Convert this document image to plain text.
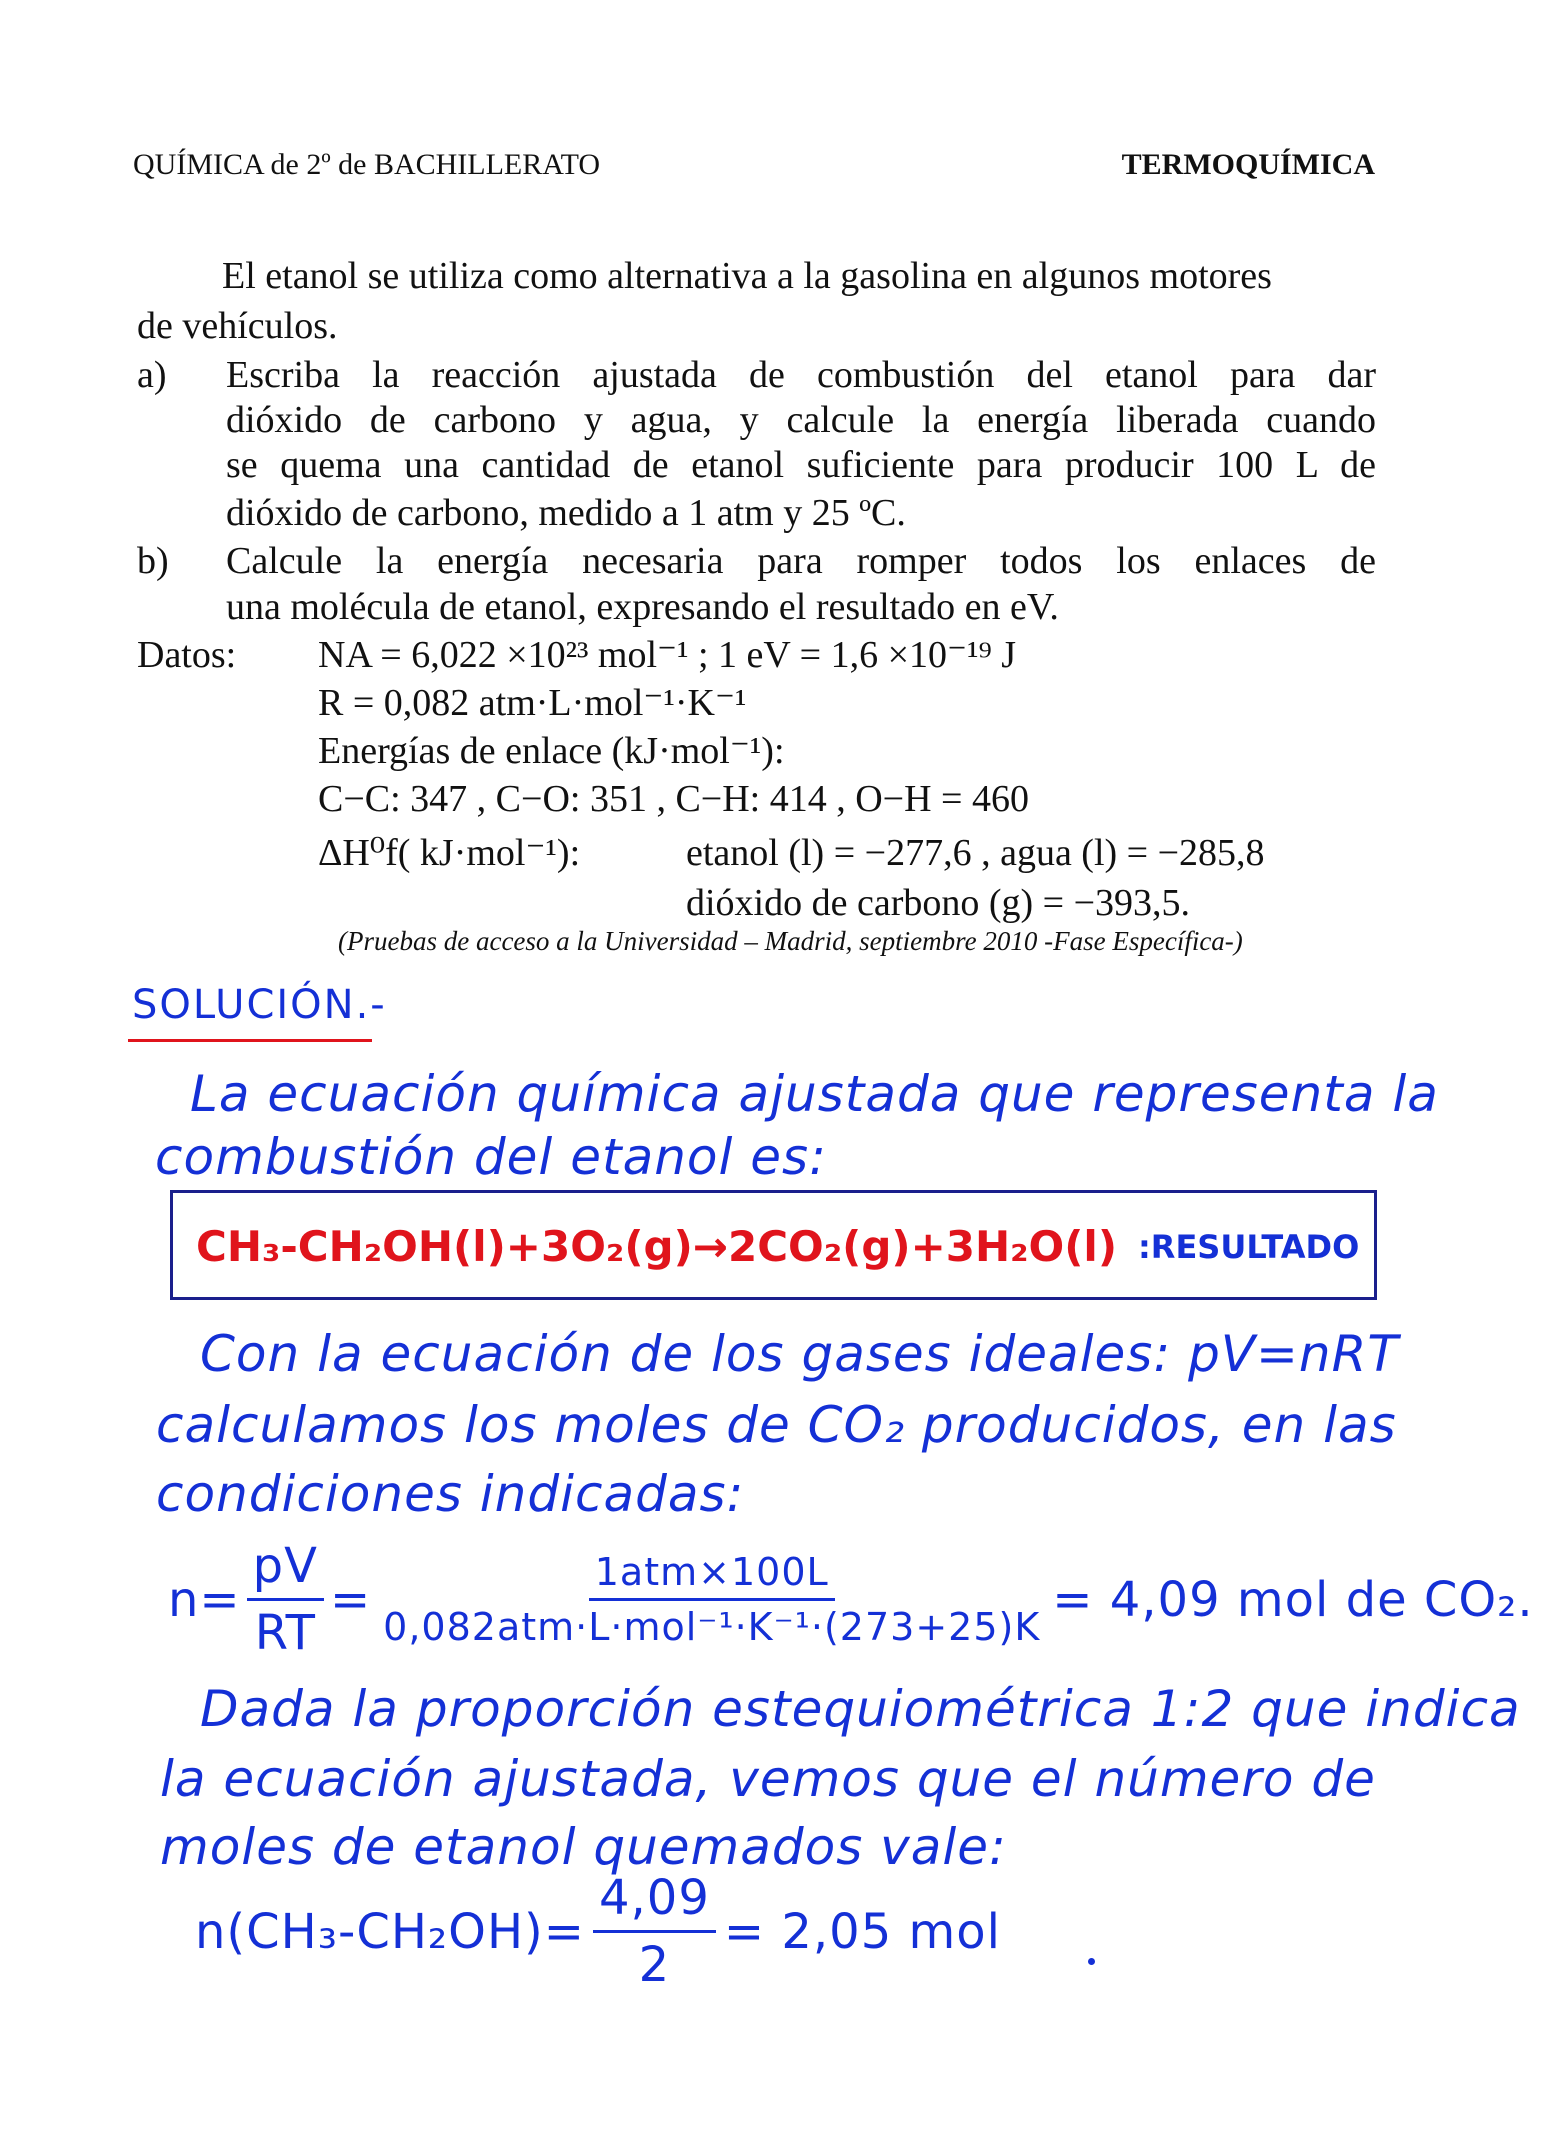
QUÍMICA de 2º de BACHILLERATO	TERMOQUÍMICA
El etanol se utiliza como alternativa a la gasolina en algunos motores
de vehículos.
a) Escriba la reacción ajustada de combustión del etanol para dar
dióxido de carbono y agua, y calcule la energía liberada cuando
se quema una cantidad de etanol suficiente para producir 100 L de
dióxido de carbono, medido a 1 atm y 25 ºC.
b) Calcule la energía necesaria para romper todos los enlaces de
una molécula de etanol, expresando el resultado en eV.
Datos: NA = 6,022 ×10²³ mol⁻¹ ; 1 eV = 1,6 ×10⁻¹⁹ J
R = 0,082 atm·L·mol⁻¹·K⁻¹
Energías de enlace (kJ·mol⁻¹):
C−C: 347 , C−O: 351 , C−H: 414 , O−H = 460
ΔH⁰f( kJ·mol⁻¹):	etanol (l) = −277,6 , agua (l) = −285,8
dióxido de carbono (g) = −393,5.
(Pruebas de acceso a la Universidad – Madrid, septiembre 2010 -Fase Específica-)
SOLUCIÓN.-
La ecuación química ajustada que representa la
combustión del etanol es:
CH₃-CH₂OH(l)+3O₂(g)→2CO₂(g)+3H₂O(l) :RESULTADO
Con la ecuación de los gases ideales: pV=nRT
calculamos los moles de CO₂ producidos, en las
condiciones indicadas:
$n= \frac{pV}{RT} = \frac{\text{1atm×100L}}{\text{0,082atm·L·mol⁻¹·K⁻¹·(273+25)K}} = 4,09$ mol de CO₂.
Dada la proporción estequiométrica 1:2 que indica
la ecuación ajustada, vemos que el número de
moles de etanol quemados vale:
$n(CH_3-CH_2OH)= \frac{4,09}{2} = 2,05$ mol
